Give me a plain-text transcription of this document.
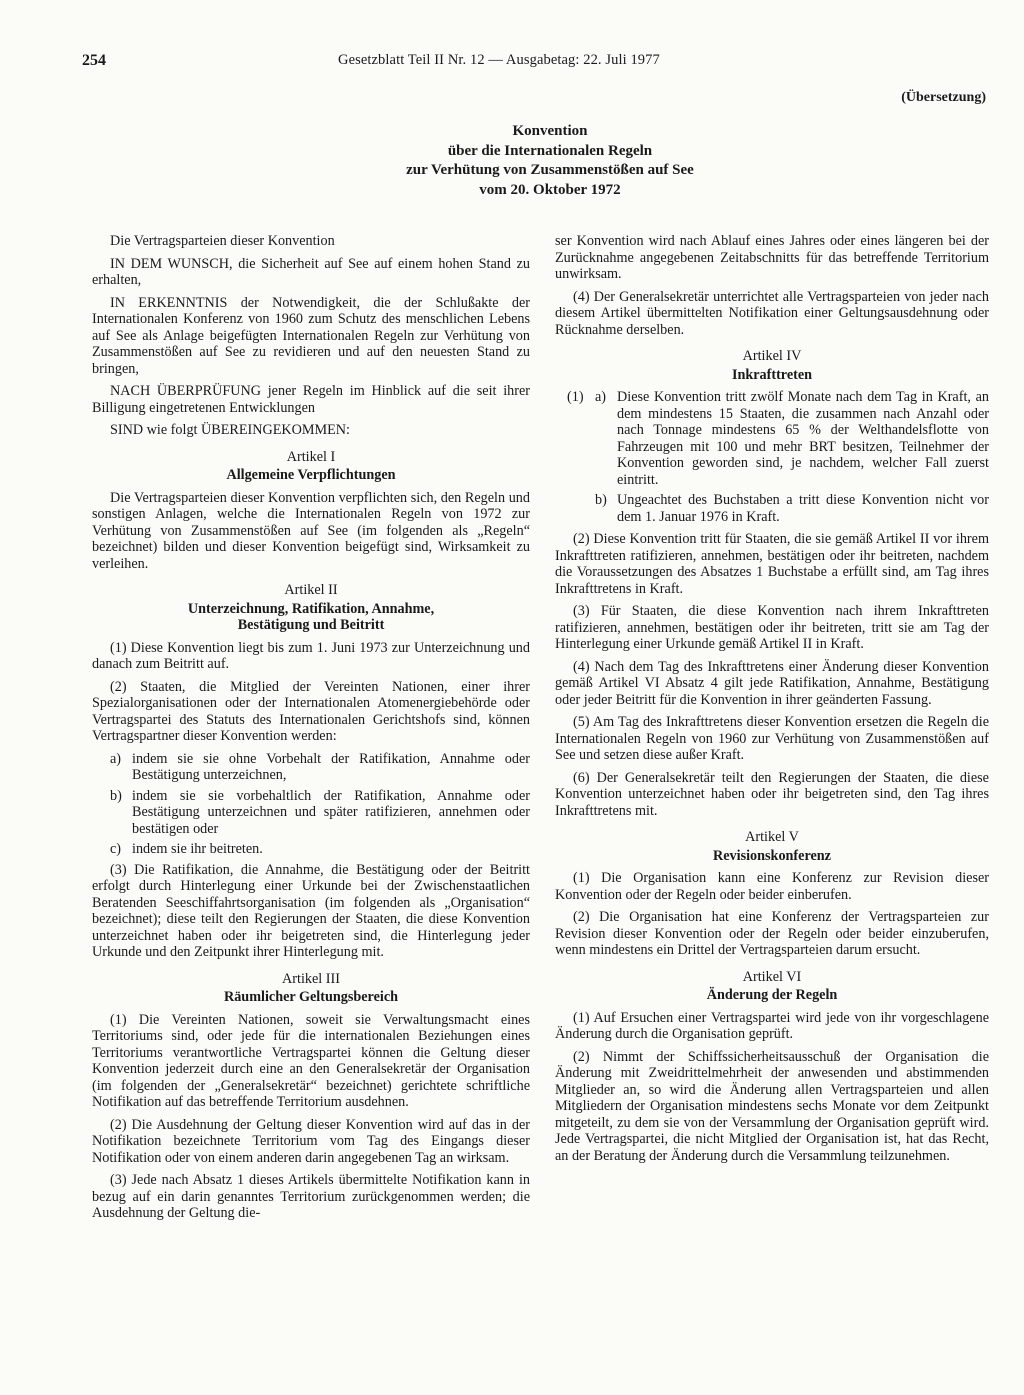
254	Gesetzblatt Teil II Nr. 12 — Ausgabetag: 22. Juli 1977
(Übersetzung)
Konvention
über die Internationalen Regeln
zur Verhütung von Zusammenstößen auf See
vom 20. Oktober 1972

Die Vertragsparteien dieser Konvention

IN DEM WUNSCH, die Sicherheit auf See auf einem hohen Stand zu erhalten,

IN ERKENNTNIS der Notwendigkeit, die der Schlußakte der Internationalen Konferenz von 1960 zum Schutz des menschlichen Lebens auf See als Anlage beigefügten Internationalen Regeln zur Verhütung von Zusammenstößen auf See zu revidieren und auf den neuesten Stand zu bringen,

NACH ÜBERPRÜFUNG jener Regeln im Hinblick auf die seit ihrer Billigung eingetretenen Entwicklungen

SIND wie folgt ÜBEREINGEKOMMEN:

Artikel I
Allgemeine Verpflichtungen

Die Vertragsparteien dieser Konvention verpflichten sich, den Regeln und sonstigen Anlagen, welche die Internationalen Regeln von 1972 zur Verhütung von Zusammenstößen auf See (im folgenden als „Regeln“ bezeichnet) bilden und dieser Konvention beigefügt sind, Wirksamkeit zu verleihen.

Artikel II
Unterzeichnung, Ratifikation, Annahme,
Bestätigung und Beitritt

(1) Diese Konvention liegt bis zum 1. Juni 1973 zur Unterzeichnung und danach zum Beitritt auf.

(2) Staaten, die Mitglied der Vereinten Nationen, einer ihrer Spezialorganisationen oder der Internationalen Atomenergiebehörde oder Vertragspartei des Statuts des Internationalen Gerichtshofs sind, können Vertragspartner dieser Konvention werden:

a) indem sie sie ohne Vorbehalt der Ratifikation, Annahme oder Bestätigung unterzeichnen,
b) indem sie sie vorbehaltlich der Ratifikation, Annahme oder Bestätigung unterzeichnen und später ratifizieren, annehmen oder bestätigen oder
c) indem sie ihr beitreten.

(3) Die Ratifikation, die Annahme, die Bestätigung oder der Beitritt erfolgt durch Hinterlegung einer Urkunde bei der Zwischenstaatlichen Beratenden Seeschiffahrtsorganisation (im folgenden als „Organisation“ bezeichnet); diese teilt den Regierungen der Staaten, die diese Konvention unterzeichnet haben oder ihr beigetreten sind, die Hinterlegung jeder Urkunde und den Zeitpunkt ihrer Hinterlegung mit.

Artikel III
Räumlicher Geltungsbereich

(1) Die Vereinten Nationen, soweit sie Verwaltungsmacht eines Territoriums sind, oder jede für die internationalen Beziehungen eines Territoriums verantwortliche Vertragspartei können die Geltung dieser Konvention jederzeit durch eine an den Generalsekretär der Organisation (im folgenden der „Generalsekretär“ bezeichnet) gerichtete schriftliche Notifikation auf das betreffende Territorium ausdehnen.

(2) Die Ausdehnung der Geltung dieser Konvention wird auf das in der Notifikation bezeichnete Territorium vom Tag des Eingangs dieser Notifikation oder von einem anderen darin angegebenen Tag an wirksam.

(3) Jede nach Absatz 1 dieses Artikels übermittelte Notifikation kann in bezug auf ein darin genanntes Territorium zurückgenommen werden; die Ausdehnung der Geltung die-

ser Konvention wird nach Ablauf eines Jahres oder eines längeren bei der Zurücknahme angegebenen Zeitabschnitts für das betreffende Territorium unwirksam.

(4) Der Generalsekretär unterrichtet alle Vertragsparteien von jeder nach diesem Artikel übermittelten Notifikation einer Geltungsausdehnung oder Rücknahme derselben.

Artikel IV
Inkrafttreten
(1) a) Diese Konvention tritt zwölf Monate nach dem Tag in Kraft, an dem mindestens 15 Staaten, die zusammen nach Anzahl oder nach Tonnage mindestens 65 % der Welthandelsflotte von Fahrzeugen mit 100 und mehr BRT besitzen, Teilnehmer der Konvention geworden sind, je nachdem, welcher Fall zuerst eintritt.
b) Ungeachtet des Buchstaben a tritt diese Konvention nicht vor dem 1. Januar 1976 in Kraft.

(2) Diese Konvention tritt für Staaten, die sie gemäß Artikel II vor ihrem Inkrafttreten ratifizieren, annehmen, bestätigen oder ihr beitreten, nachdem die Voraussetzungen des Absatzes 1 Buchstabe a erfüllt sind, am Tag ihres Inkrafttretens in Kraft.

(3) Für Staaten, die diese Konvention nach ihrem Inkrafttreten ratifizieren, annehmen, bestätigen oder ihr beitreten, tritt sie am Tag der Hinterlegung einer Urkunde gemäß Artikel II in Kraft.

(4) Nach dem Tag des Inkrafttretens einer Änderung dieser Konvention gemäß Artikel VI Absatz 4 gilt jede Ratifikation, Annahme, Bestätigung oder jeder Beitritt für die Konvention in ihrer geänderten Fassung.

(5) Am Tag des Inkrafttretens dieser Konvention ersetzen die Regeln die Internationalen Regeln von 1960 zur Verhütung von Zusammenstößen auf See und setzen diese außer Kraft.

(6) Der Generalsekretär teilt den Regierungen der Staaten, die diese Konvention unterzeichnet haben oder ihr beigetreten sind, den Tag ihres Inkrafttretens mit.

Artikel V
Revisionskonferenz

(1) Die Organisation kann eine Konferenz zur Revision dieser Konvention oder der Regeln oder beider einberufen.

(2) Die Organisation hat eine Konferenz der Vertragsparteien zur Revision dieser Konvention oder der Regeln oder beider einzuberufen, wenn mindestens ein Drittel der Vertragsparteien darum ersucht.

Artikel VI
Änderung der Regeln

(1) Auf Ersuchen einer Vertragspartei wird jede von ihr vorgeschlagene Änderung durch die Organisation geprüft.

(2) Nimmt der Schiffssicherheitsausschuß der Organisation die Änderung mit Zweidrittelmehrheit der anwesenden und abstimmenden Mitglieder an, so wird die Änderung allen Vertragsparteien und allen Mitgliedern der Organisation mindestens sechs Monate vor dem Zeitpunkt mitgeteilt, zu dem sie von der Versammlung der Organisation geprüft wird. Jede Vertragspartei, die nicht Mitglied der Organisation ist, hat das Recht, an der Beratung der Änderung durch die Versammlung teilzunehmen.
